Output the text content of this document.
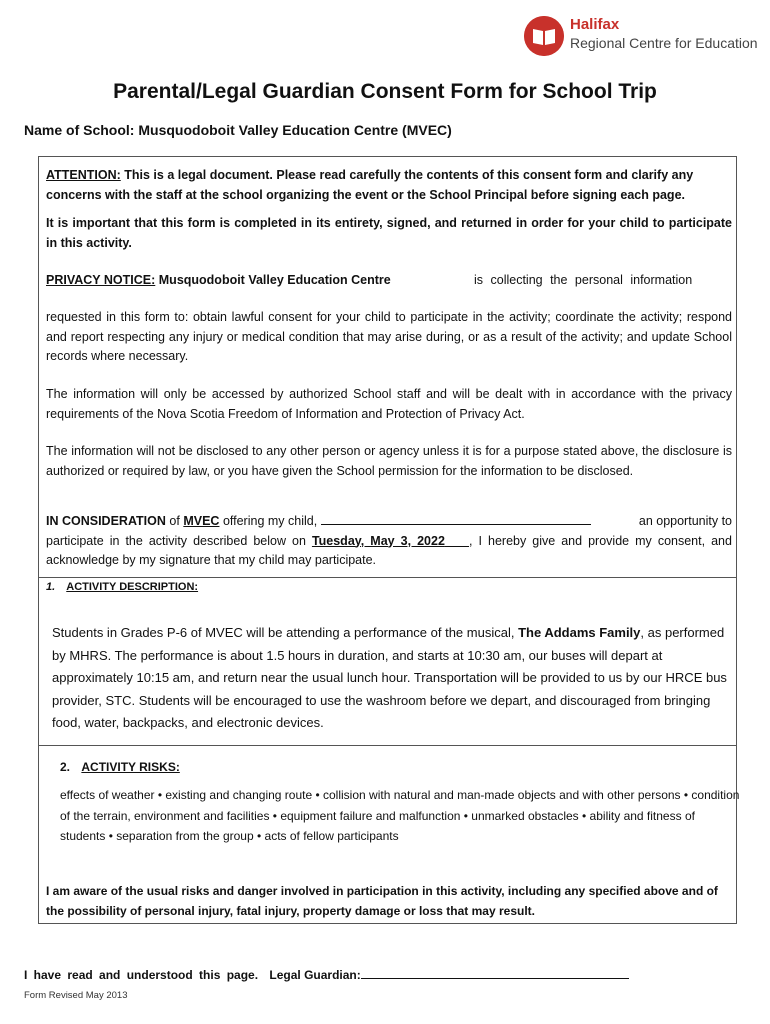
Halifax
Regional Centre for Education
Parental/Legal Guardian Consent Form for School Trip
Name of School: Musquodoboit Valley Education Centre (MVEC)
ATTENTION: This is a legal document. Please read carefully the contents of this consent form and clarify any concerns with the staff at the school organizing the event or the School Principal before signing each page.
It is important that this form is completed in its entirety, signed, and returned in order for your child to participate in this activity.
PRIVACY NOTICE: Musquodoboit Valley Education Centre	is collecting the personal information
requested in this form to: obtain lawful consent for your child to participate in the activity; coordinate the activity; respond and report respecting any injury or medical condition that may arise during, or as a result of the activity; and update School records where necessary.
The information will only be accessed by authorized School staff and will be dealt with in accordance with the privacy requirements of the Nova Scotia Freedom of Information and Protection of Privacy Act.
The information will not be disclosed to any other person or agency unless it is for a purpose stated above, the disclosure is authorized or required by law, or you have given the School permission for the information to be disclosed.
IN CONSIDERATION of MVEC offering my child,	an opportunity to
participate in the activity described below on Tuesday, May 3, 2022 , I hereby give and provide my consent, and acknowledge by my signature that my child may participate.
1. ACTIVITY DESCRIPTION:
Students in Grades P-6 of MVEC will be attending a performance of the musical, The Addams Family, as performed by MHRS. The performance is about 1.5 hours in duration, and starts at 10:30 am, our buses will depart at approximately 10:15 am, and return near the usual lunch hour. Transportation will be provided to us by our HRCE bus provider, STC. Students will be encouraged to use the washroom before we depart, and discouraged from bringing food, water, backpacks, and electronic devices.
2. ACTIVITY RISKS:
effects of weather • existing and changing route • collision with natural and man-made objects and with other persons • condition of the terrain, environment and facilities • equipment failure and malfunction • unmarked obstacles • ability and fitness of students • separation from the group • acts of fellow participants
I am aware of the usual risks and danger involved in participation in this activity, including any specified above and of the possibility of personal injury, fatal injury, property damage or loss that may result.
I have read and understood this page. Legal Guardian:
Form Revised May 2013
